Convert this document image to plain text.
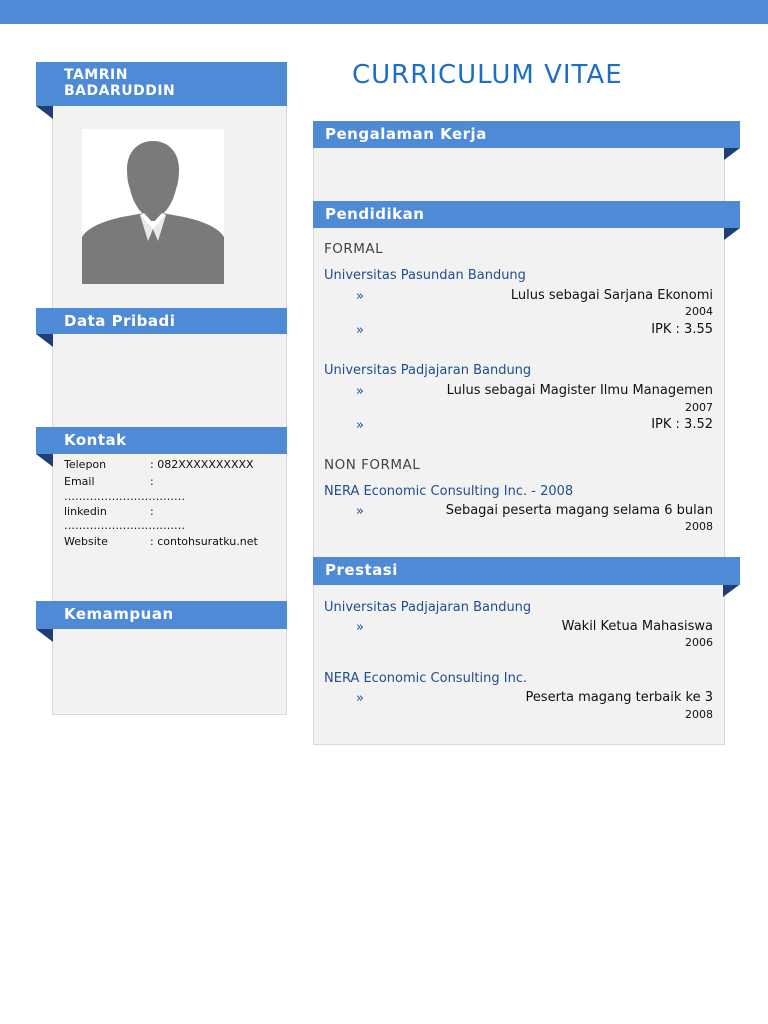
CURRICULUM VITAE
TAMRIN
BADARUDDIN
Data Pribadi
Kontak
Telepon	: 082XXXXXXXXXX
Email	:
……………………………
linkedin	:
……………………………
Website	: contohsuratku.net
Kemampuan
Pengalaman Kerja
Pendidikan
FORMAL
Universitas Pasundan Bandung
»	Lulus sebagai Sarjana Ekonomi
2004
»	IPK : 3.55
Universitas Padjajaran Bandung
»	Lulus sebagai Magister Ilmu Managemen
2007
»	IPK : 3.52
NON FORMAL
NERA Economic Consulting Inc. - 2008
»	Sebagai peserta magang selama 6 bulan
2008
Prestasi
Universitas Padjajaran Bandung
»	Wakil Ketua Mahasiswa
2006
NERA Economic Consulting Inc.
»	Peserta magang terbaik ke 3
2008
